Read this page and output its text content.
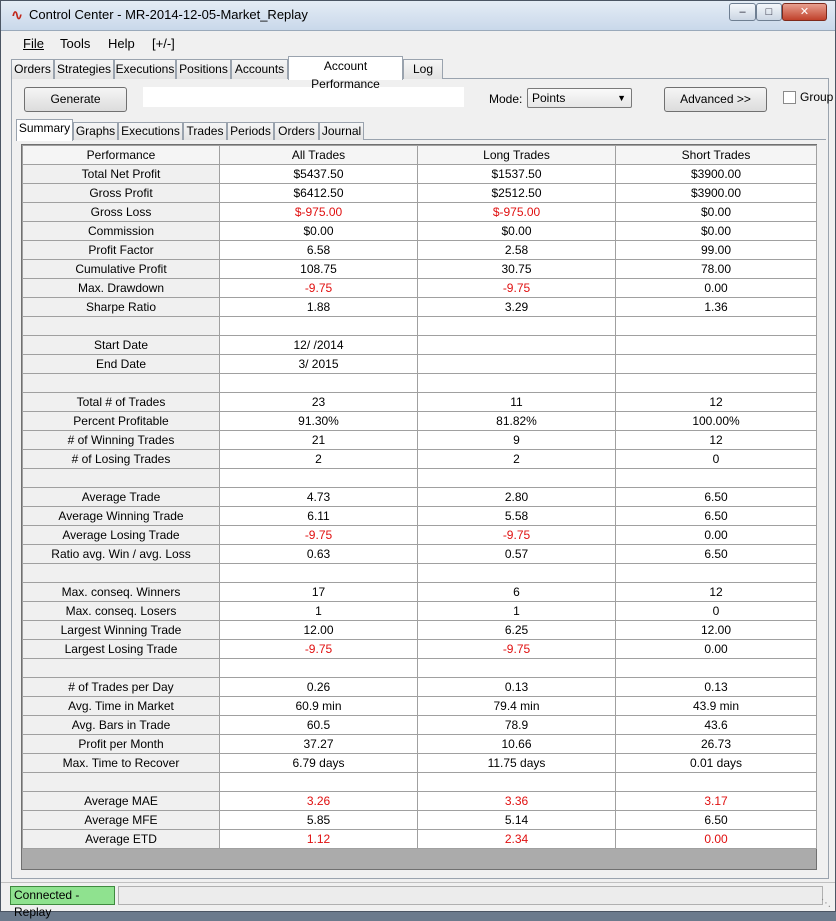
∿ Control Center - MR-2014-12-05-Market_Replay	–	□	✕
File Tools Help [+/-]
Orders Strategies Executions Positions Accounts	Account Performance
Log
Generate	Mode: Points	▼	Advanced >>	Group
Summary Graphs Executions Trades Periods Orders Journal
Performance	All Trades	Long Trades	Short Trades
Total Net Profit	$5437.50	$1537.50	$3900.00
Gross Profit	$6412.50	$2512.50	$3900.00
Gross Loss	$-975.00	$-975.00	$0.00
Commission	$0.00	$0.00	$0.00
Profit Factor	6.58	2.58	99.00
Cumulative Profit	108.75	30.75	78.00
Max. Drawdown	-9.75	-9.75	0.00
Sharpe Ratio	1.88	3.29	1.36

Start Date	12/ /2014		
End Date	3/ 2015		

Total # of Trades	23	11	12
Percent Profitable	91.30%	81.82%	100.00%
# of Winning Trades	21	9	12
# of Losing Trades	2	2	0

Average Trade	4.73	2.80	6.50
Average Winning Trade	6.11	5.58	6.50
Average Losing Trade	-9.75	-9.75	0.00
Ratio avg. Win / avg. Loss	0.63	0.57	6.50

Max. conseq. Winners	17	6	12
Max. conseq. Losers	1	1	0
Largest Winning Trade	12.00	6.25	12.00
Largest Losing Trade	-9.75	-9.75	0.00

# of Trades per Day	0.26	0.13	0.13
Avg. Time in Market	60.9 min	79.4 min	43.9 min
Avg. Bars in Trade	60.5	78.9	43.6
Profit per Month	37.27	10.66	26.73
Max. Time to Recover	6.79 days	11.75 days	0.01 days

Average MAE	3.26	3.36	3.17
Average MFE	5.85	5.14	6.50
Average ETD	1.12	2.34	0.00
Connected - Replay
⋱
